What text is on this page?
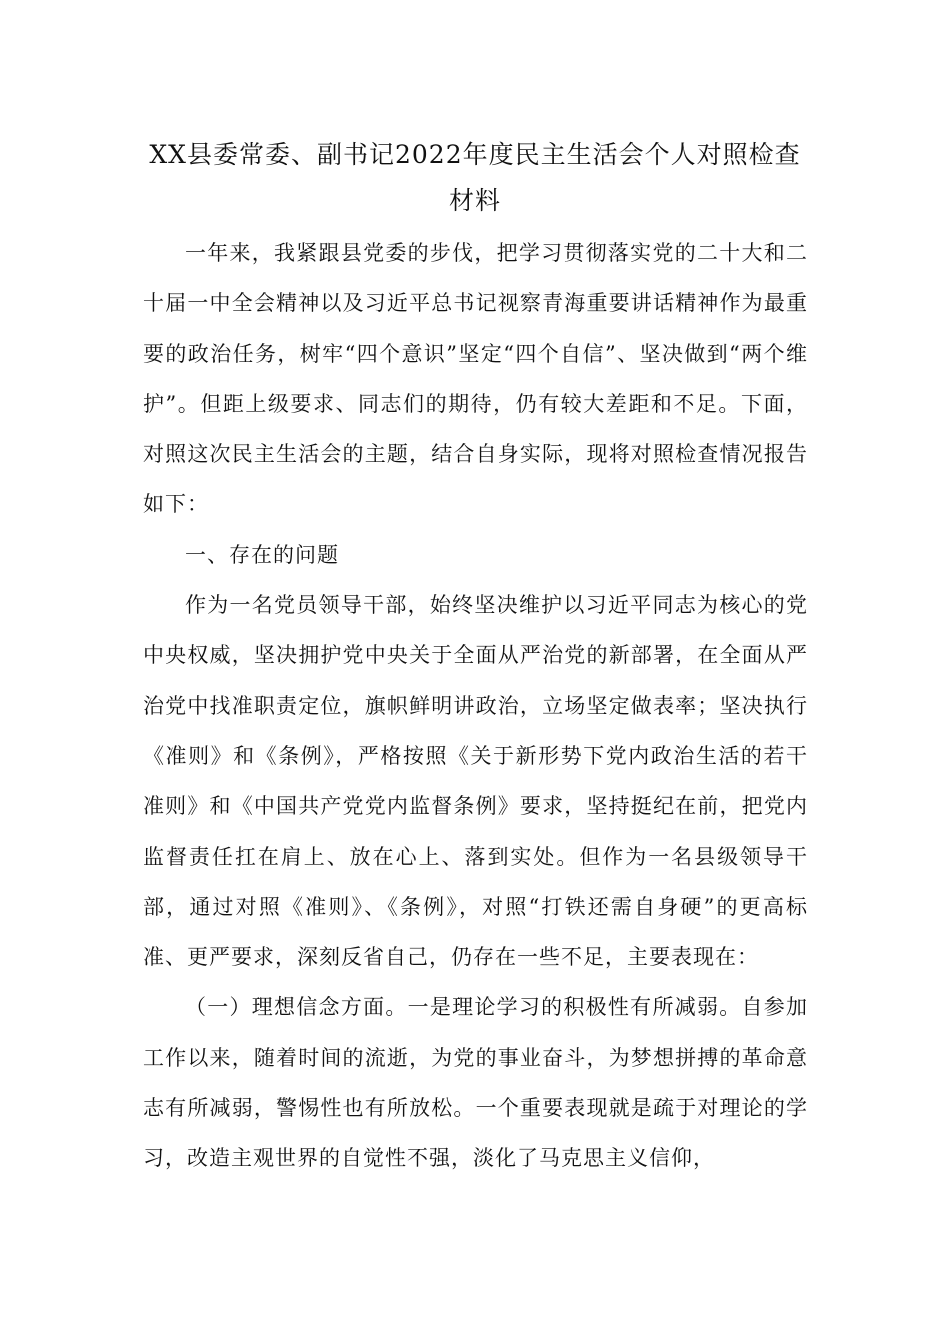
XX县委常委、副书记2022年度民主生活会个人对照检查材料

一年来，我紧跟县党委的步伐，把学习贯彻落实党的二十大和二十届一中全会精神以及习近平总书记视察青海重要讲话精神作为最重要的政治任务，树牢“四个意识”坚定“四个自信”、坚决做到“两个维护”。但距上级要求、同志们的期待，仍有较大差距和不足。下面，对照这次民主生活会的主题，结合自身实际，现将对照检查情况报告如下：

一、存在的问题

作为一名党员领导干部，始终坚决维护以习近平同志为核心的党中央权威，坚决拥护党中央关于全面从严治党的新部署，在全面从严治党中找准职责定位，旗帜鲜明讲政治，立场坚定做表率；坚决执行《准则》和《条例》，严格按照《关于新形势下党内政治生活的若干准则》和《中国共产党党内监督条例》要求，坚持挺纪在前，把党内监督责任扛在肩上、放在心上、落到实处。但作为一名县级领导干部，通过对照《准则》、《条例》，对照“打铁还需自身硬”的更高标准、更严要求，深刻反省自己，仍存在一些不足，主要表现在：

（一）理想信念方面。一是理论学习的积极性有所减弱。自参加工作以来，随着时间的流逝，为党的事业奋斗，为梦想拼搏的革命意志有所减弱，警惕性也有所放松。一个重要表现就是疏于对理论的学习，改造主观世界的自觉性不强，淡化了马克思主义信仰，
